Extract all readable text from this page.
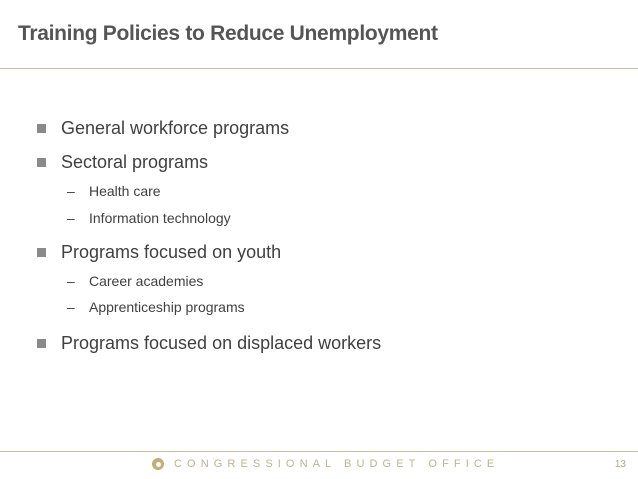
Training Policies to Reduce Unemployment
General workforce programs
Sectoral programs
–	Health care
–	Information technology
Programs focused on youth
–	Career academies
–	Apprenticeship programs
Programs focused on displaced workers
CONGRESSIONAL BUDGET OFFICE	13
